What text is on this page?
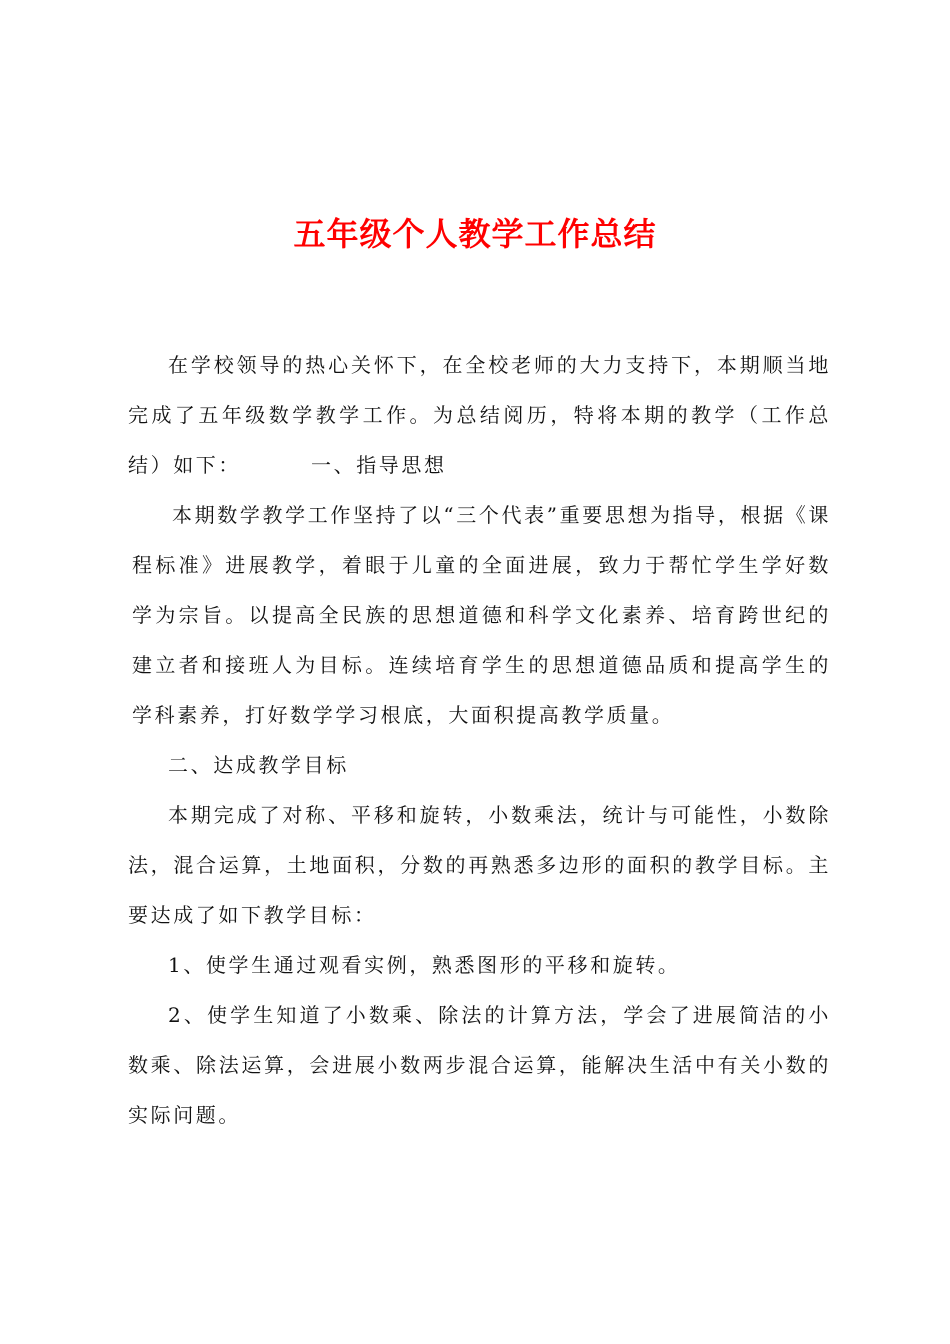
五年级个人教学工作总结

在学校领导的热心关怀下，在全校老师的大力支持下，本期顺当地完成了五年级数学教学工作。为总结阅历，特将本期的教学（工作总结）如下：	一、指导思想

本期数学教学工作坚持了以“三个代表”重要思想为指导，根据《课程标准》进展教学，着眼于儿童的全面进展，致力于帮忙学生学好数学为宗旨。以提高全民族的思想道德和科学文化素养、培育跨世纪的建立者和接班人为目标。连续培育学生的思想道德品质和提高学生的学科素养，打好数学学习根底，大面积提高教学质量。

二、达成教学目标

本期完成了对称、平移和旋转，小数乘法，统计与可能性，小数除法，混合运算，土地面积，分数的再熟悉多边形的面积的教学目标。主要达成了如下教学目标：

1、使学生通过观看实例，熟悉图形的平移和旋转。

2、使学生知道了小数乘、除法的计算方法，学会了进展简洁的小数乘、除法运算，会进展小数两步混合运算，能解决生活中有关小数的实际问题。
